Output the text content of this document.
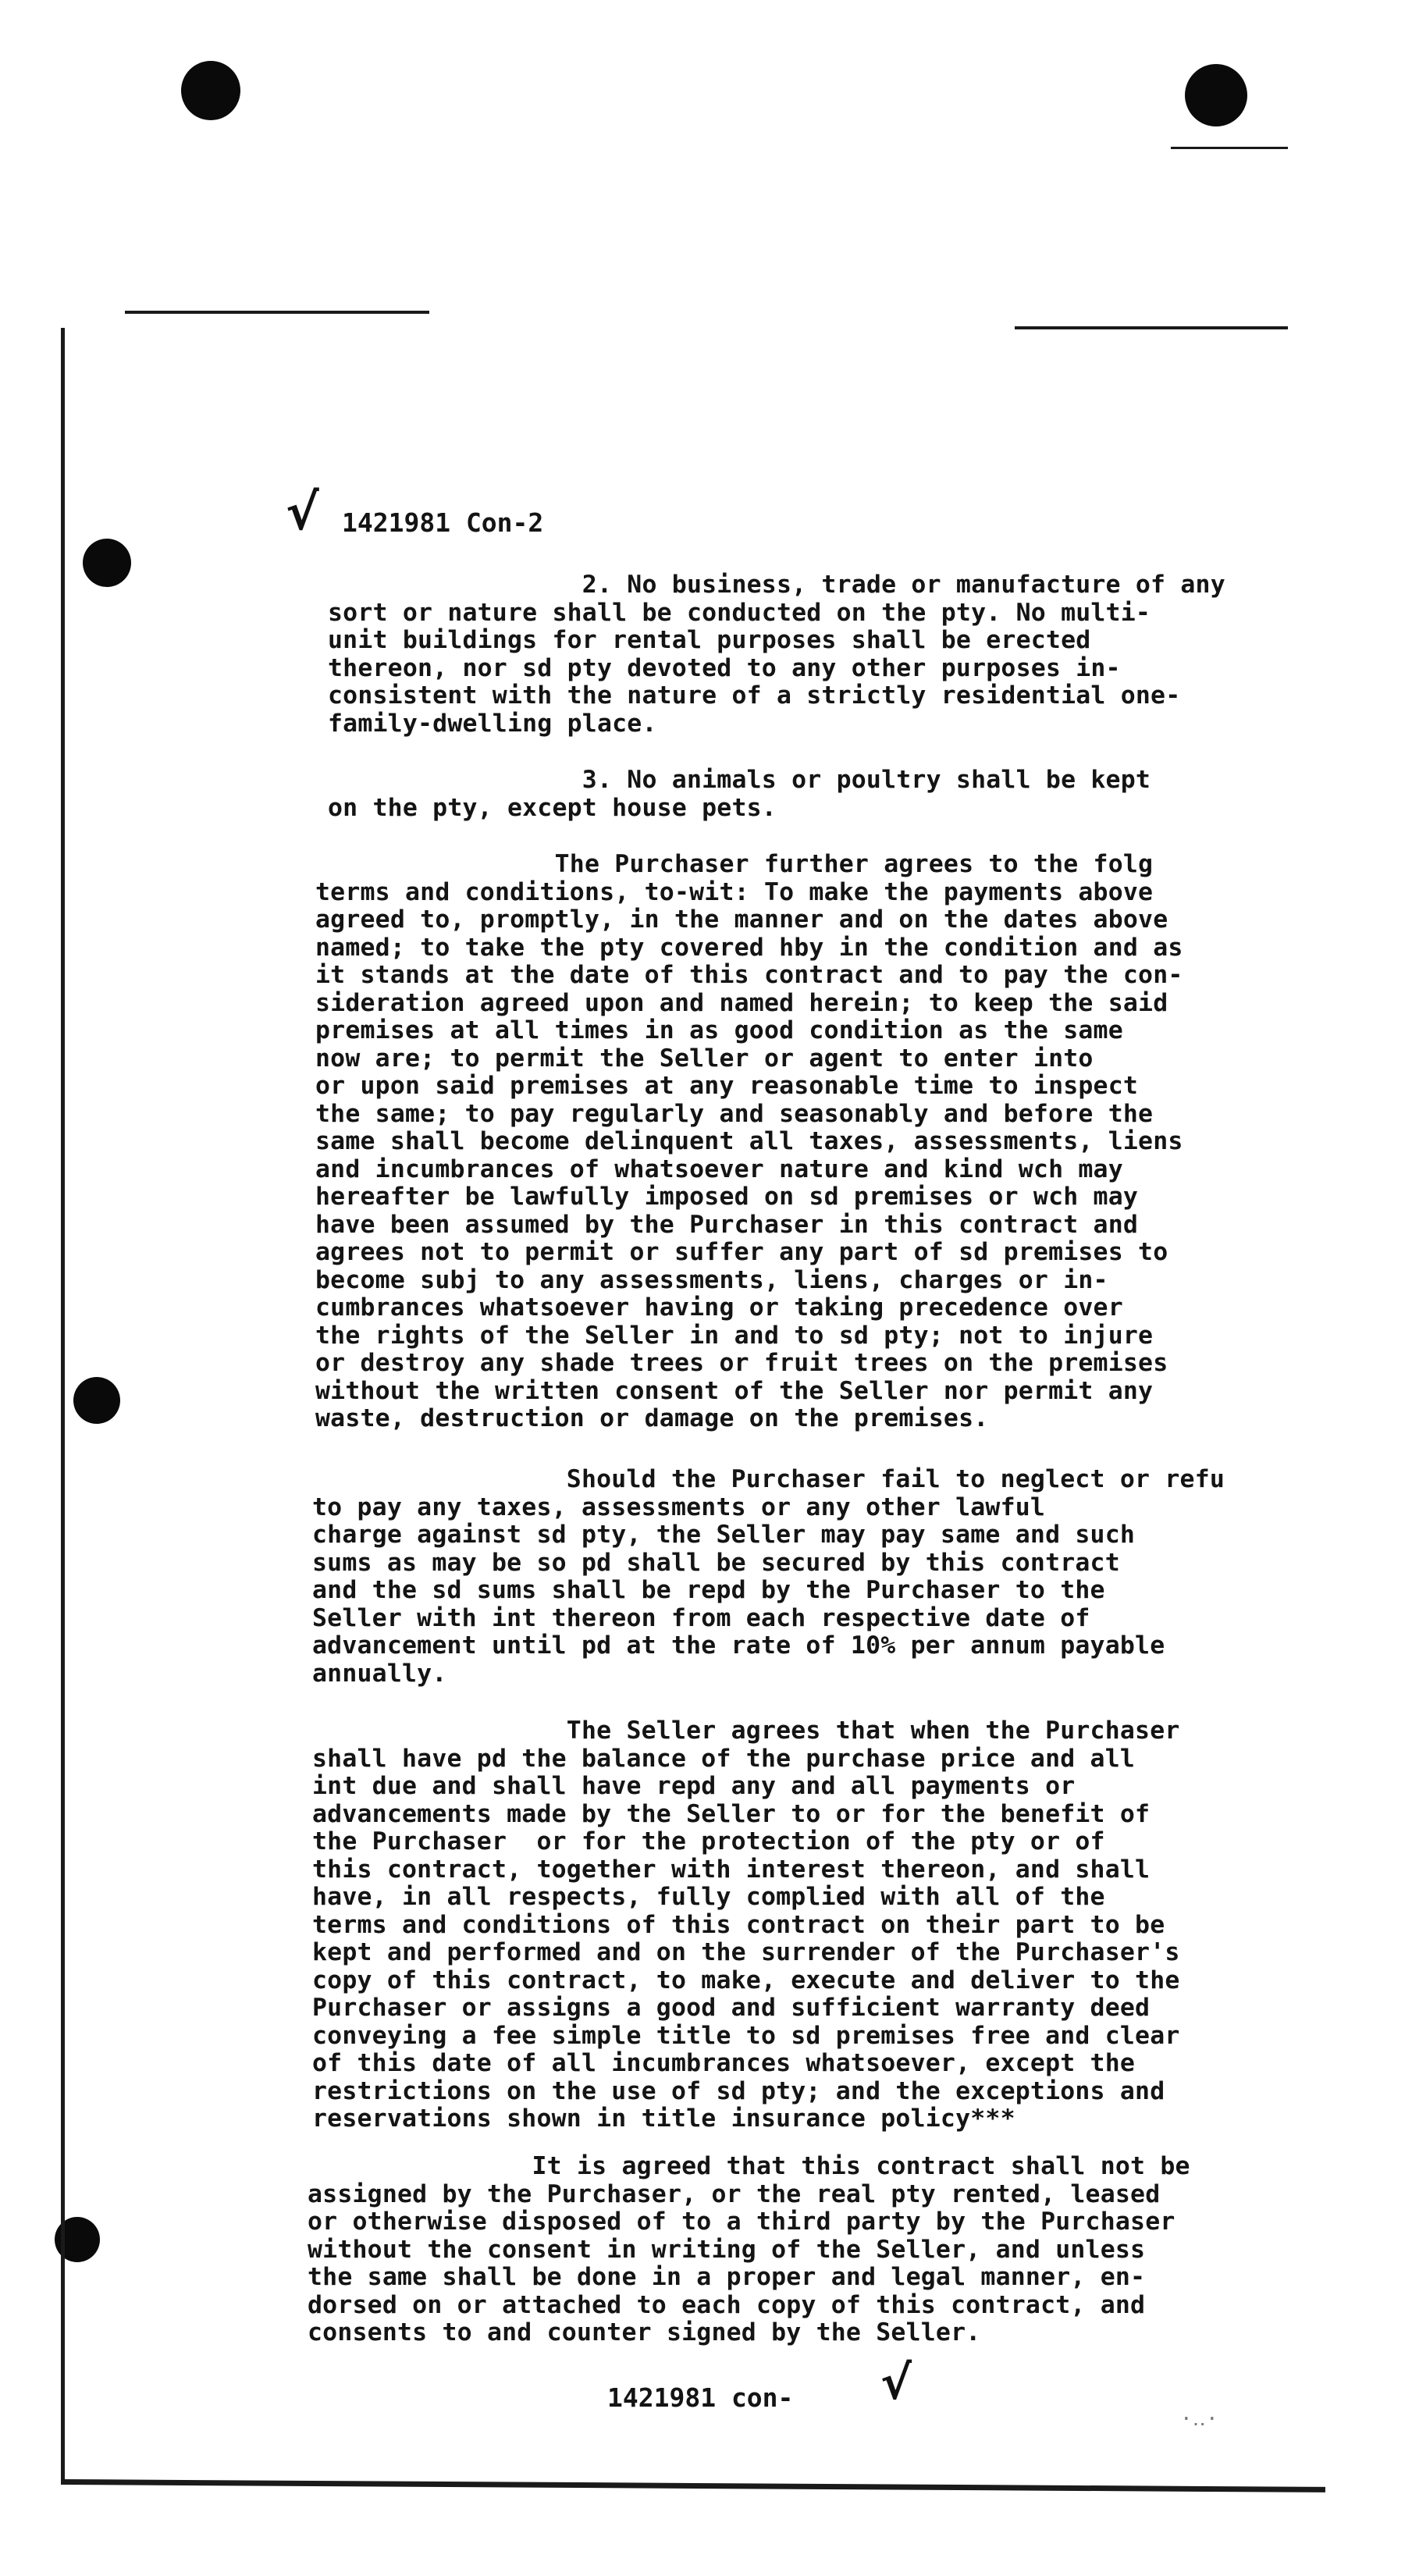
√
√
·‥·
1421981 Con-2
2. No business, trade or manufacture of any
sort or nature shall be conducted on the pty. No multi-
unit buildings for rental purposes shall be erected
thereon, nor sd pty devoted to any other purposes in-
consistent with the nature of a strictly residential one-
family-dwelling place.
3. No animals or poultry shall be kept
on the pty, except house pets.
The Purchaser further agrees to the folg
terms and conditions, to-wit: To make the payments above
agreed to, promptly, in the manner and on the dates above
named; to take the pty covered hby in the condition and as
it stands at the date of this contract and to pay the con-
sideration agreed upon and named herein; to keep the said
premises at all times in as good condition as the same
now are; to permit the Seller or agent to enter into
or upon said premises at any reasonable time to inspect
the same; to pay regularly and seasonably and before the
same shall become delinquent all taxes, assessments, liens
and incumbrances of whatsoever nature and kind wch may
hereafter be lawfully imposed on sd premises or wch may
have been assumed by the Purchaser in this contract and
agrees not to permit or suffer any part of sd premises to
become subj to any assessments, liens, charges or in-
cumbrances whatsoever having or taking precedence over
the rights of the Seller in and to sd pty; not to injure
or destroy any shade trees or fruit trees on the premises
without the written consent of the Seller nor permit any
waste, destruction or damage on the premises.
Should the Purchaser fail to neglect or refu
to pay any taxes, assessments or any other lawful
charge against sd pty, the Seller may pay same and such
sums as may be so pd shall be secured by this contract
and the sd sums shall be repd by the Purchaser to the
Seller with int thereon from each respective date of
advancement until pd at the rate of 10% per annum payable
annually.
The Seller agrees that when the Purchaser
shall have pd the balance of the purchase price and all
int due and shall have repd any and all payments or
advancements made by the Seller to or for the benefit of
the Purchaser  or for the protection of the pty or of
this contract, together with interest thereon, and shall
have, in all respects, fully complied with all of the
terms and conditions of this contract on their part to be
kept and performed and on the surrender of the Purchaser's
copy of this contract, to make, execute and deliver to the
Purchaser or assigns a good and sufficient warranty deed
conveying a fee simple title to sd premises free and clear
of this date of all incumbrances whatsoever, except the
restrictions on the use of sd pty; and the exceptions and
reservations shown in title insurance policy***
It is agreed that this contract shall not be
assigned by the Purchaser, or the real pty rented, leased
or otherwise disposed of to a third party by the Purchaser
without the consent in writing of the Seller, and unless
the same shall be done in a proper and legal manner, en-
dorsed on or attached to each copy of this contract, and
consents to and counter signed by the Seller.
1421981 con-
